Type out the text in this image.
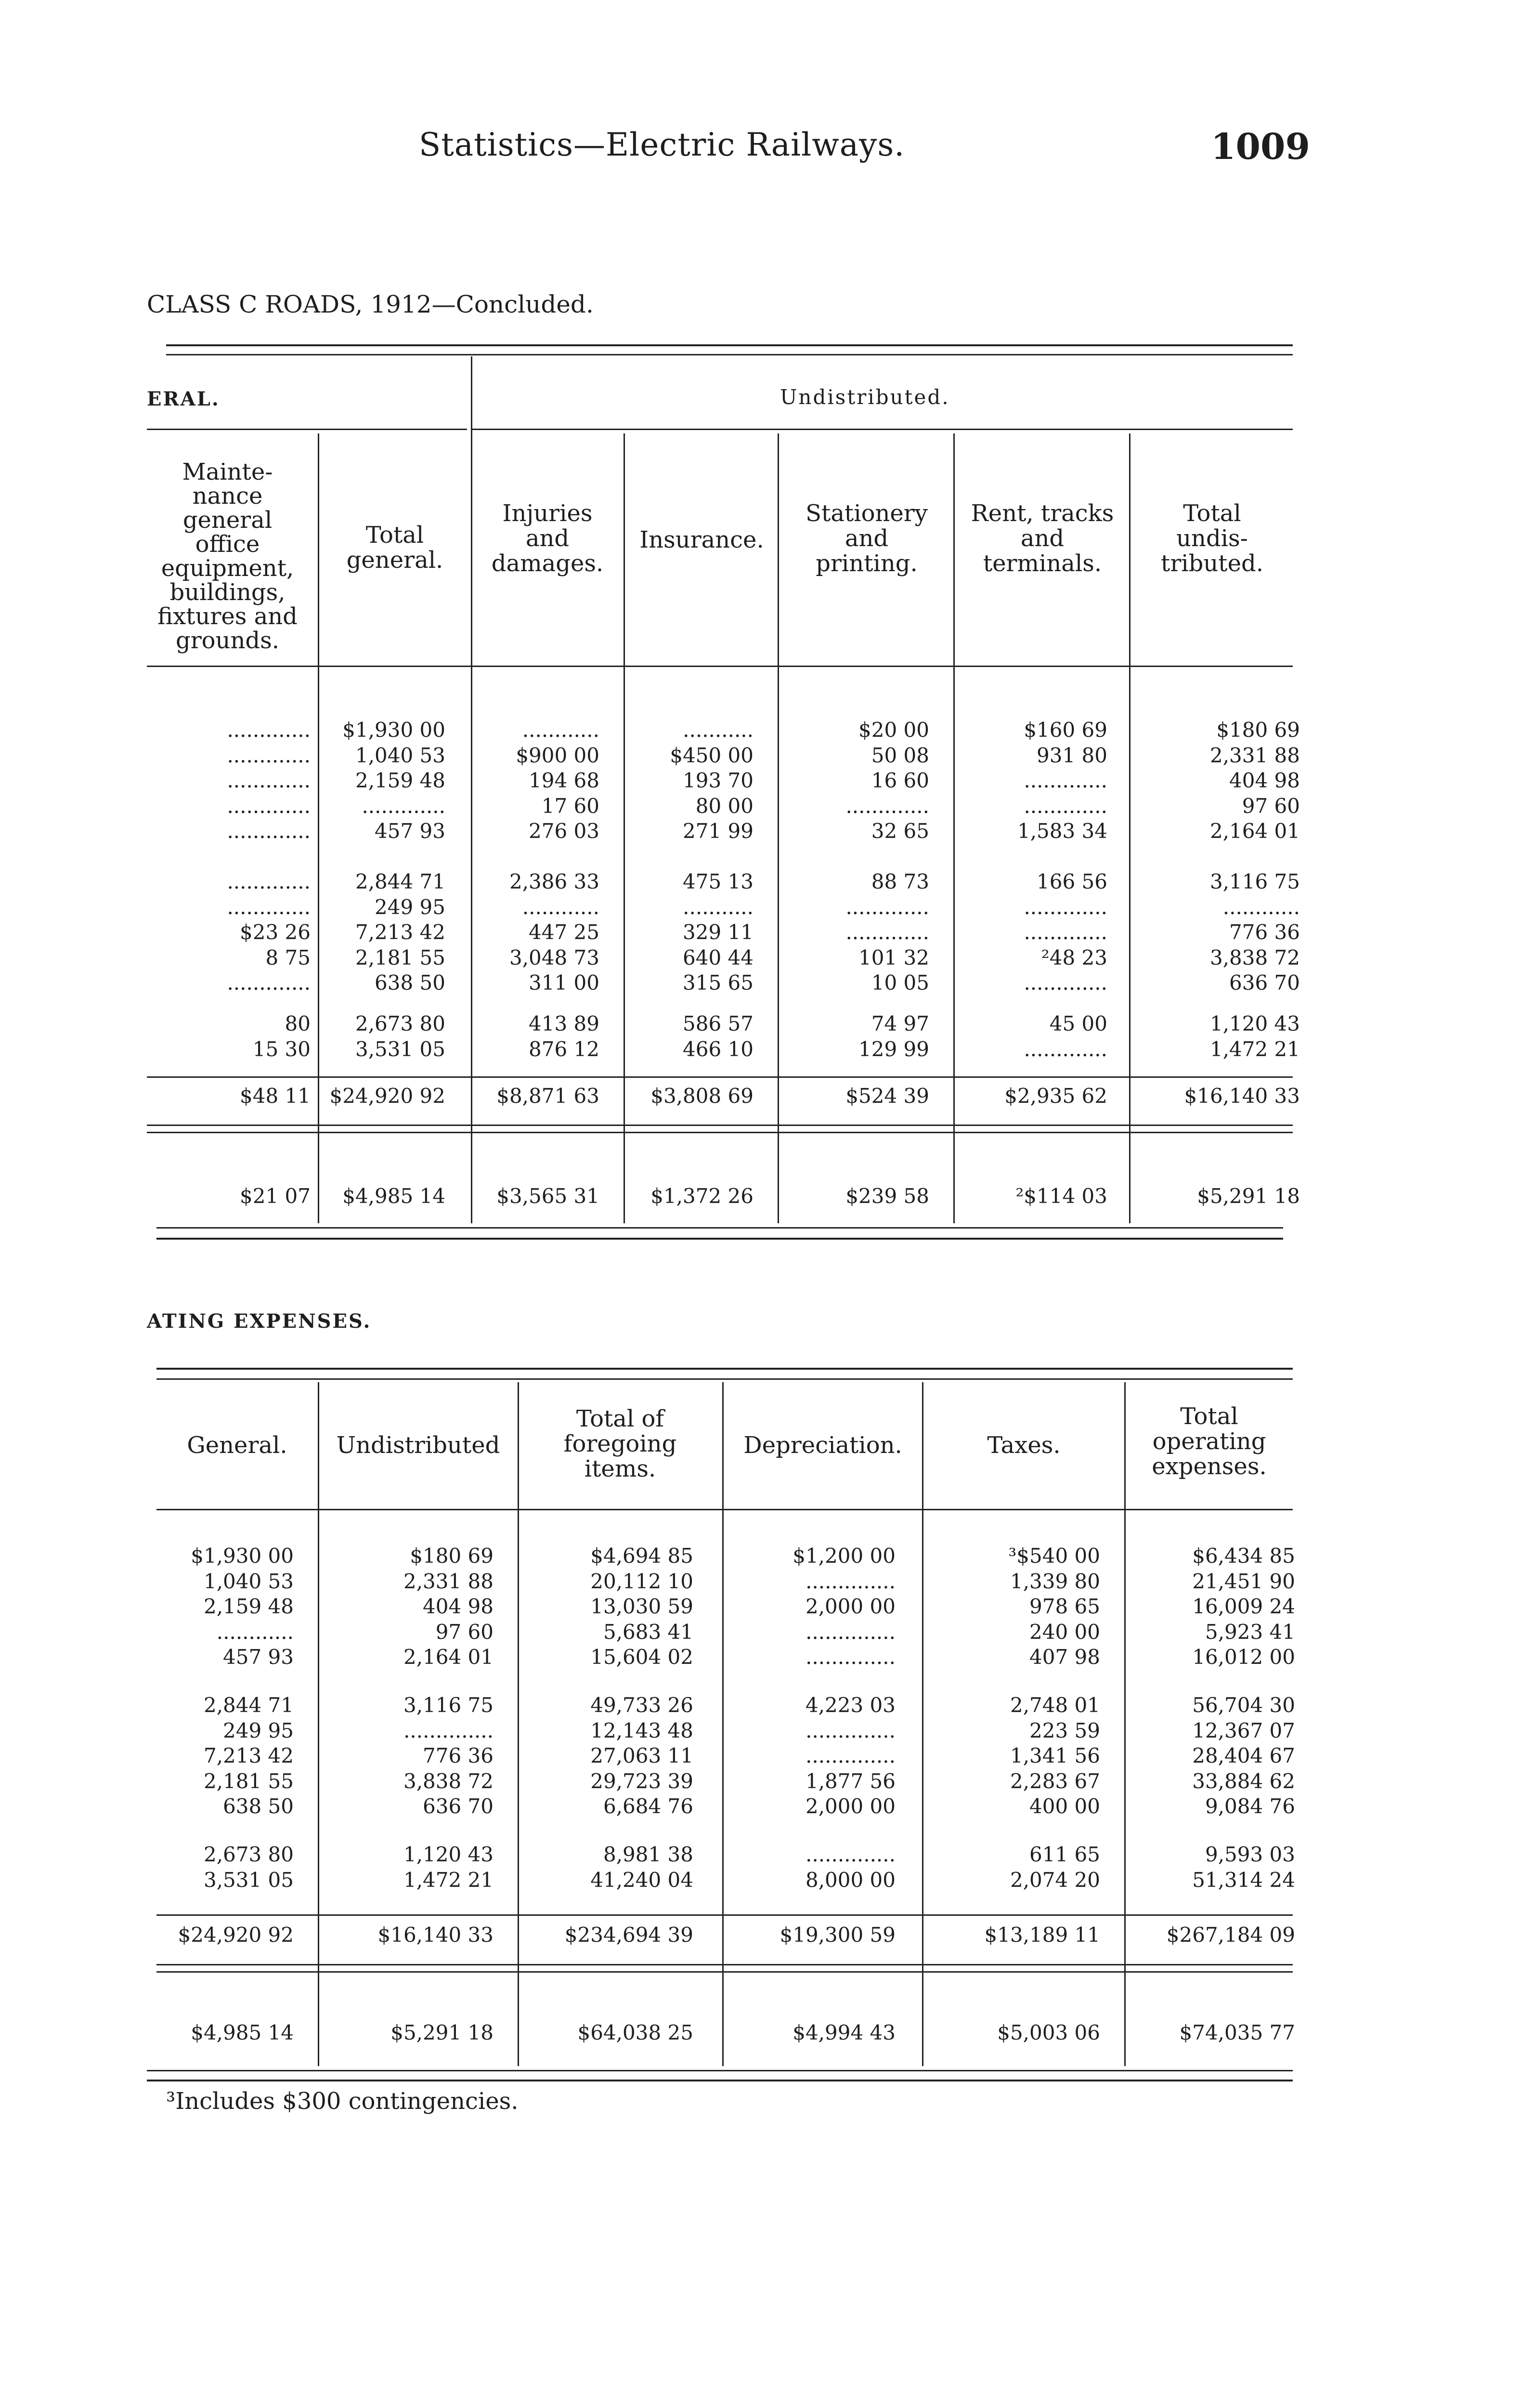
Statistics—Electric Railways.	1009
CLASS C ROADS, 1912—Concluded.
ERAL.	Undistributed.
Mainte-
nance
general
office
equipment,
buildings,
fixtures and
grounds.
Total
general.
Injuries
and
damages.
Insurance.
Stationery
and
printing.
Rent, tracks
and
terminals.
Total
undis-
tributed.
.............	$1,930 00	............	...........	$20 00	$160 69	$180 69
.............	1,040 53	$900 00	$450 00	50 08	931 80	2,331 88
.............	2,159 48	194 68	193 70	16 60	.............	404 98
.............	.............	17 60	80 00	.............	.............	97 60
.............	457 93	276 03	271 99	32 65	1,583 34	2,164 01
.............	2,844 71	2,386 33	475 13	88 73	166 56	3,116 75
.............	249 95	............	...........	.............	.............	............
$23 26	7,213 42	447 25	329 11	.............	.............	776 36
8 75	2,181 55	3,048 73	640 44	101 32	²48 23	3,838 72
.............	638 50	311 00	315 65	10 05	.............	636 70
80	2,673 80	413 89	586 57	74 97	45 00	1,120 43
15 30	3,531 05	876 12	466 10	129 99	.............	1,472 21
$48 11 $24,920 92	$8,871 63	$3,808 69	$524 39	$2,935 62	$16,140 33
$21 07	$4,985 14	$3,565 31	$1,372 26	$239 58	²$114 03	$5,291 18
ATING EXPENSES.
General.	Undistributed
Total of
foregoing
items.
Depreciation.	Taxes.
Total
operating
expenses.
$1,930 00	$180 69	$4,694 85	$1,200 00	³$540 00	$6,434 85
1,040 53	2,331 88	20,112 10	..............	1,339 80	21,451 90
2,159 48	404 98	13,030 59	2,000 00	978 65	16,009 24
............	97 60	5,683 41	..............	240 00	5,923 41
457 93	2,164 01	15,604 02	..............	407 98	16,012 00
2,844 71	3,116 75	49,733 26	4,223 03	2,748 01	56,704 30
249 95	..............	12,143 48	..............	223 59	12,367 07
7,213 42	776 36	27,063 11	..............	1,341 56	28,404 67
2,181 55	3,838 72	29,723 39	1,877 56	2,283 67	33,884 62
638 50	636 70	6,684 76	2,000 00	400 00	9,084 76
2,673 80	1,120 43	8,981 38	..............	611 65	9,593 03
3,531 05	1,472 21	41,240 04	8,000 00	2,074 20	51,314 24
$24,920 92	$16,140 33	$234,694 39	$19,300 59	$13,189 11	$267,184 09
$4,985 14	$5,291 18	$64,038 25	$4,994 43	$5,003 06	$74,035 77
³Includes $300 contingencies.
